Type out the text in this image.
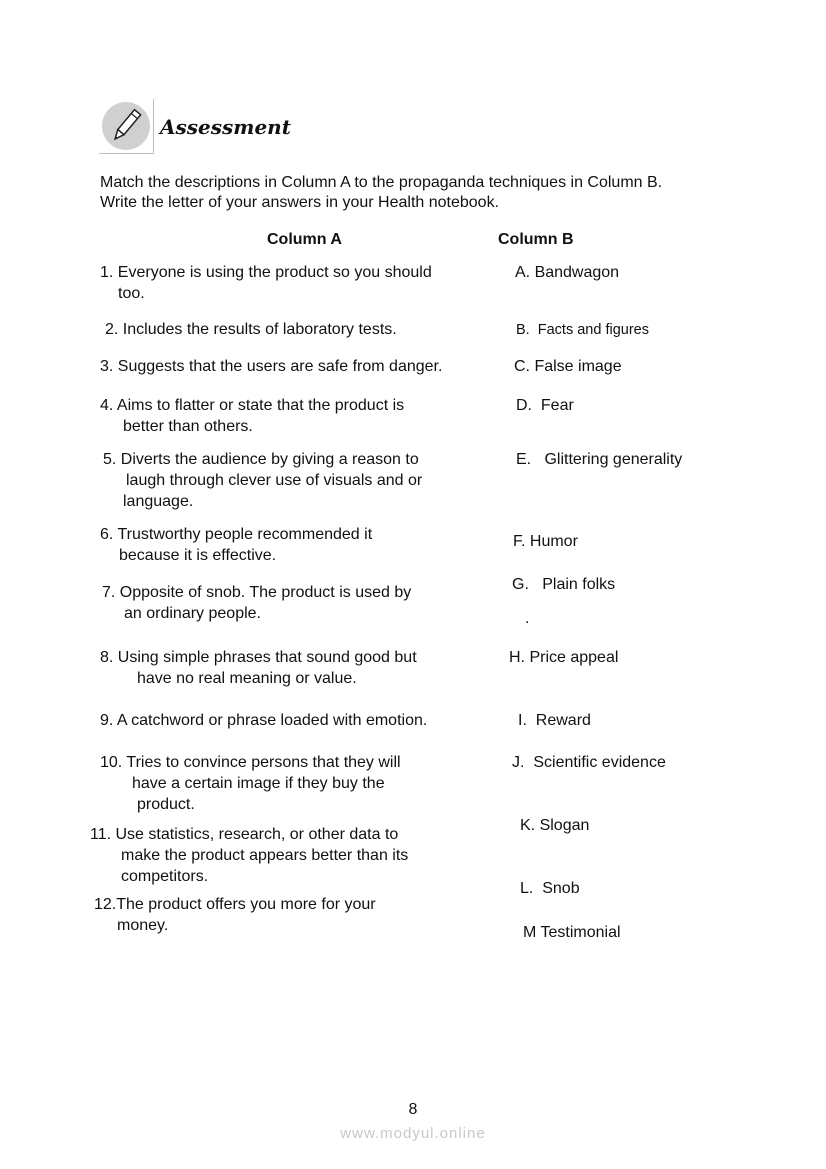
Assessment
Match the descriptions in Column A to the propaganda techniques in Column B.
Write the letter of your answers in your Health notebook.
Column A	Column B
1. Everyone is using the product so you should
too.
2. Includes the results of laboratory tests.
3. Suggests that the users are safe from danger.
4. Aims to flatter or state that the product is
better than others.
5. Diverts the audience by giving a reason to
laugh through clever use of visuals and or
language.
6. Trustworthy people recommended it
because it is effective.
7. Opposite of snob. The product is used by
an ordinary people.
8. Using simple phrases that sound good but
have no real meaning or value.
9. A catchword or phrase loaded with emotion.
10. Tries to convince persons that they will
have a certain image if they buy the
product.
11. Use statistics, research, or other data to
make the product appears better than its
competitors.
12.The product offers you more for your
money.
A. Bandwagon
B.  Facts and figures
C. False image
D.  Fear
E.   Glittering generality
F. Humor
G.   Plain folks
.
H. Price appeal
I.  Reward
J.  Scientific evidence
K. Slogan
L.  Snob
M Testimonial
8
www.modyul.online
